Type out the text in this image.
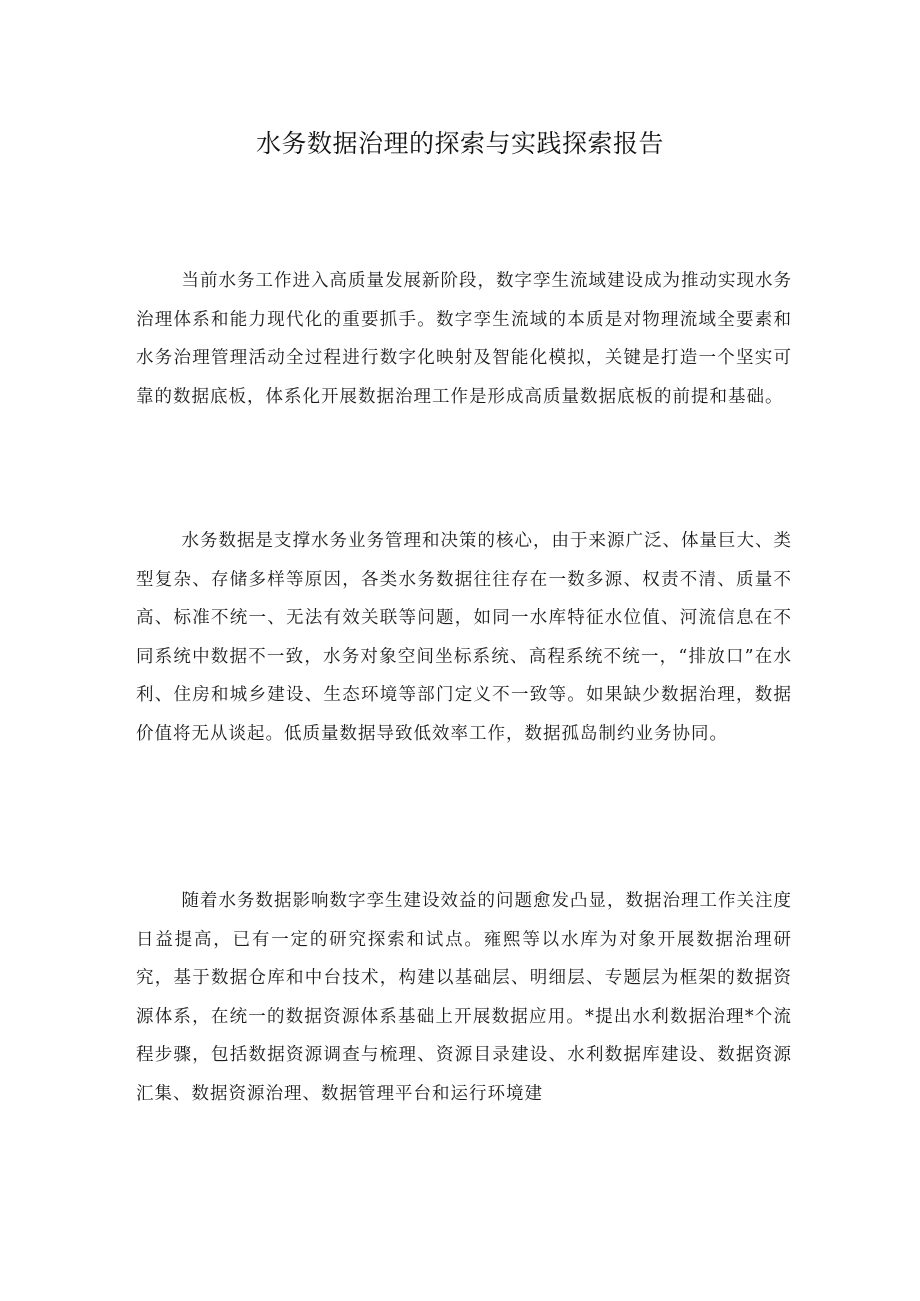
水务数据治理的探索与实践探索报告

当前水务工作进入高质量发展新阶段，数字孪生流域建设成为推动实现水务治理体系和能力现代化的重要抓手。数字孪生流域的本质是对物理流域全要素和水务治理管理活动全过程进行数字化映射及智能化模拟，关键是打造一个坚实可靠的数据底板，体系化开展数据治理工作是形成高质量数据底板的前提和基础。

水务数据是支撑水务业务管理和决策的核心，由于来源广泛、体量巨大、类型复杂、存储多样等原因，各类水务数据往往存在一数多源、权责不清、质量不高、标准不统一、无法有效关联等问题，如同一水库特征水位值、河流信息在不同系统中数据不一致，水务对象空间坐标系统、高程系统不统一，“排放口”在水利、住房和城乡建设、生态环境等部门定义不一致等。如果缺少数据治理，数据价值将无从谈起。低质量数据导致低效率工作，数据孤岛制约业务协同。

随着水务数据影响数字孪生建设效益的问题愈发凸显，数据治理工作关注度日益提高，已有一定的研究探索和试点。雍熙等以水库为对象开展数据治理研究，基于数据仓库和中台技术，构建以基础层、明细层、专题层为框架的数据资源体系，在统一的数据资源体系基础上开展数据应用。*提出水利数据治理*个流程步骤，包括数据资源调查与梳理、资源目录建设、水利数据库建设、数据资源汇集、数据资源治理、数据管理平台和运行环境建
